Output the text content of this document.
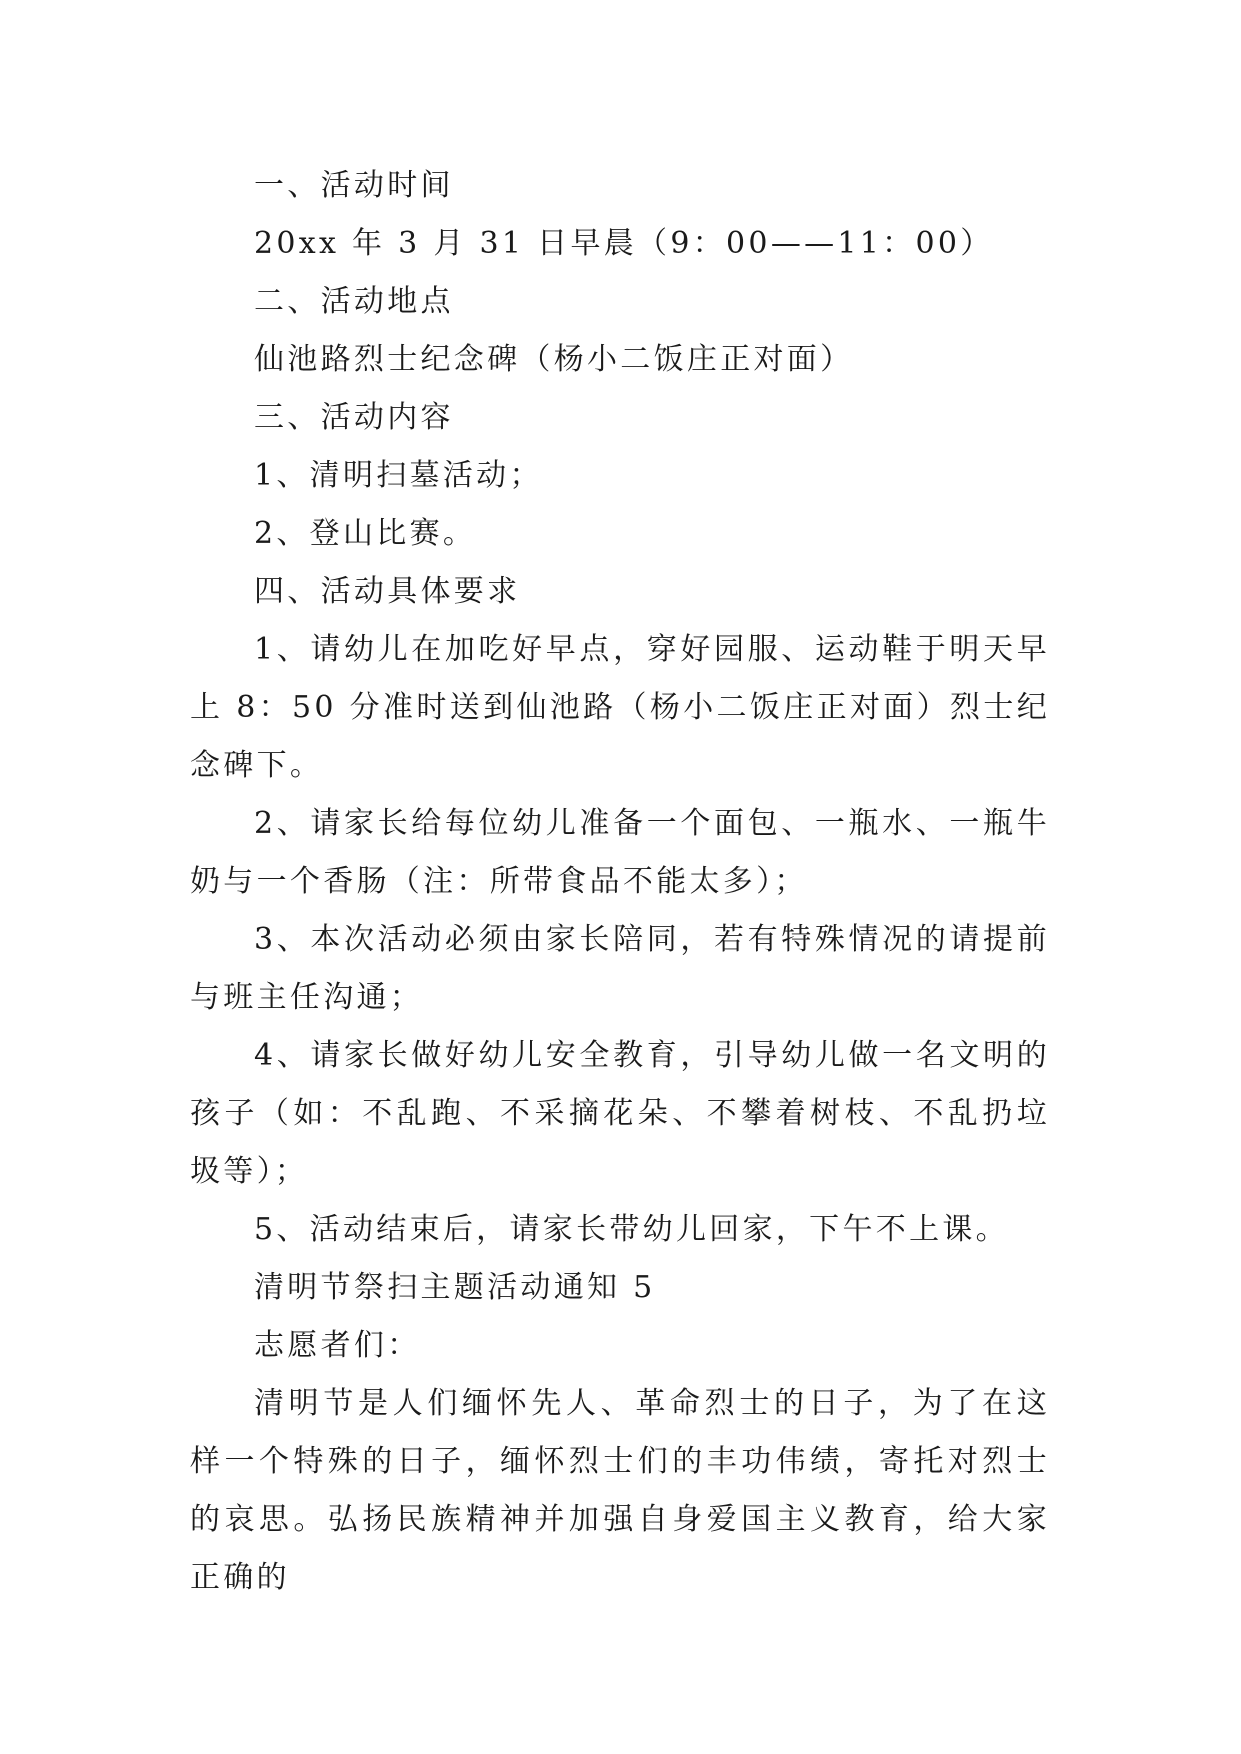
一、活动时间

20xx 年 3 月 31 日早晨（9：00——11：00）

二、活动地点

仙池路烈士纪念碑（杨小二饭庄正对面）

三、活动内容

1、清明扫墓活动；

2、登山比赛。

四、活动具体要求

1、请幼儿在加吃好早点，穿好园服、运动鞋于明天早上 8：50 分准时送到仙池路（杨小二饭庄正对面）烈士纪念碑下。

2、请家长给每位幼儿准备一个面包、一瓶水、一瓶牛奶与一个香肠（注：所带食品不能太多）；

3、本次活动必须由家长陪同，若有特殊情况的请提前与班主任沟通；

4、请家长做好幼儿安全教育，引导幼儿做一名文明的孩子（如：不乱跑、不采摘花朵、不攀着树枝、不乱扔垃圾等）；

5、活动结束后，请家长带幼儿回家，下午不上课。

清明节祭扫主题活动通知 5

志愿者们：

清明节是人们缅怀先人、革命烈士的日子，为了在这样一个特殊的日子，缅怀烈士们的丰功伟绩，寄托对烈士的哀思。弘扬民族精神并加强自身爱国主义教育，给大家正确的
